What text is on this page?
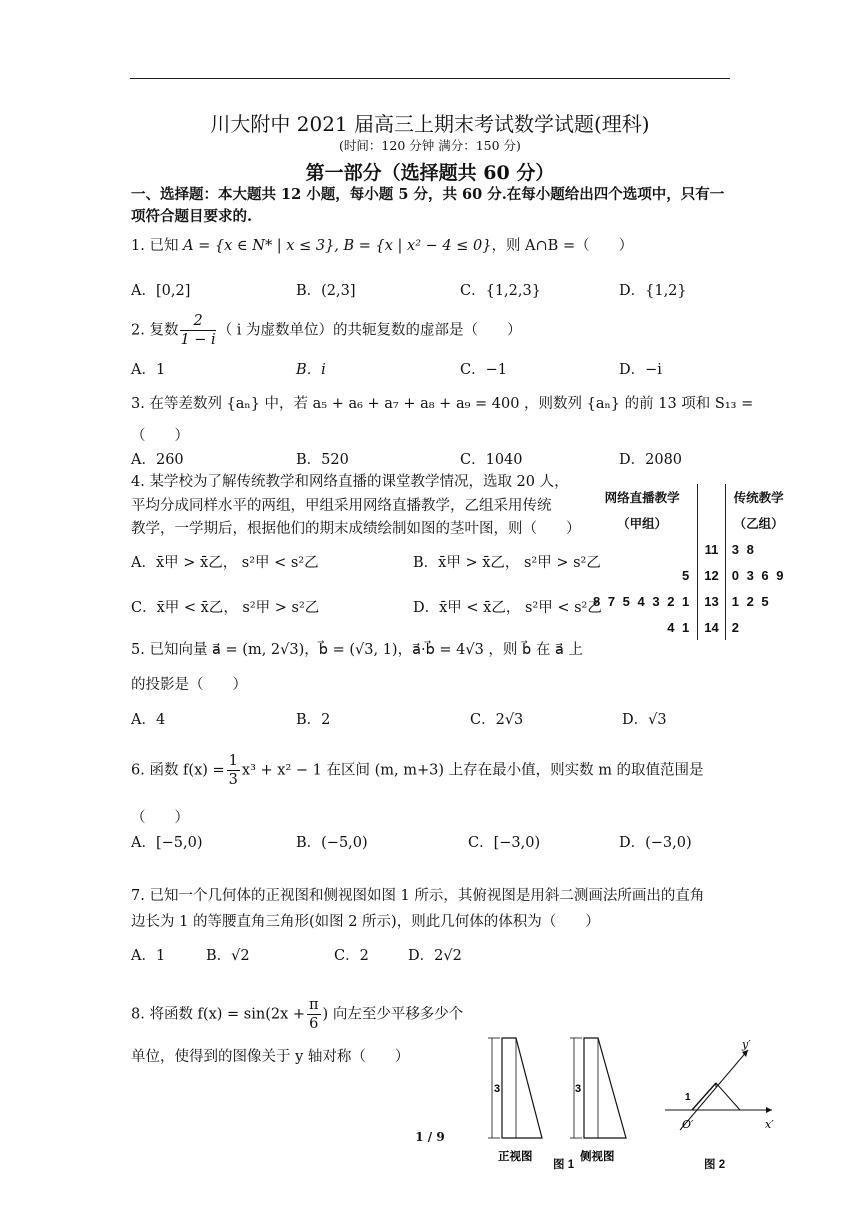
川大附中 2021 届高三上期末考试数学试题(理科)
(时间：120 分钟 满分：150 分)
第一部分（选择题共 60 分）
一、选择题：本大题共 12 小题，每小题 5 分，共 60 分.在每小题给出四个选项中，只有一项符合题目要求的.
1. 已知 A = {x ∈ N* | x ≤ 3}, B = {x | x² − 4 ≤ 0}，则 A∩B =（　　）
A．[0,2]	B．(2,3]	C．{1,2,3}	D．{1,2}
2. 复数 $\frac{2}{1 - i}$ （ i 为虚数单位）的共轭复数的虚部是（　　）
A．1	B．i	C．−1	D．−i
3. 在等差数列 {aₙ} 中，若 a₅ + a₆ + a₇ + a₈ + a₉ = 400 ，则数列 {aₙ} 的前 13 项和 S₁₃ =
（　　）
A．260	B．520	C．1040	D．2080
4. 某学校为了解传统教学和网络直播的课堂教学情况，选取 20 人，
平均分成同样水平的两组，甲组采用网络直播教学，乙组采用传统
教学，一学期后，根据他们的期末成绩绘制如图的茎叶图，则（　　）
A．x̄甲 > x̄乙， s²甲 < s²乙	B．x̄甲 > x̄乙， s²甲 > s²乙
C．x̄甲 < x̄乙， s²甲 > s²乙	D．x̄甲 < x̄乙， s²甲 < s²乙
网络直播教学		传统教学
（甲组）		（乙组）
	11	3 8
5	12	0 3 6 9
8 7 5 4 3 2 1	13	1 2 5
4 1	14	2
5. 已知向量 a⃗ = (m, 2√3)，b⃗ = (√3, 1)，a⃗·b⃗ = 4√3 ，则 b⃗ 在 a⃗ 上
的投影是（　　）
A．4	B．2	C．2√3	D．√3
6. 函数 $f(x) = \frac{1}{3} x^3 + x^2 - 1$ 在区间 (m, m+3) 上存在最小值，则实数 m 的取值范围是
（　　）
A．[−5,0)	B．(−5,0)	C．[−3,0)	D．(−3,0)
7. 已知一个几何体的正视图和侧视图如图 1 所示，其俯视图是用斜二测画法所画出的直角
边长为 1 的等腰直角三角形(如图 2 所示)，则此几何体的体积为（　　）
A．1	B．√2	C．2	D．2√2
8. 将函数 $f(x) = \sin(2x + \frac{\pi}{6}$ ) 向左至少平移多少个
单位，使得到的图像关于 y 轴对称（　　）
3
正视图
3
侧视图
1
y′
x′
O′
图 1	图 2
1 / 9
